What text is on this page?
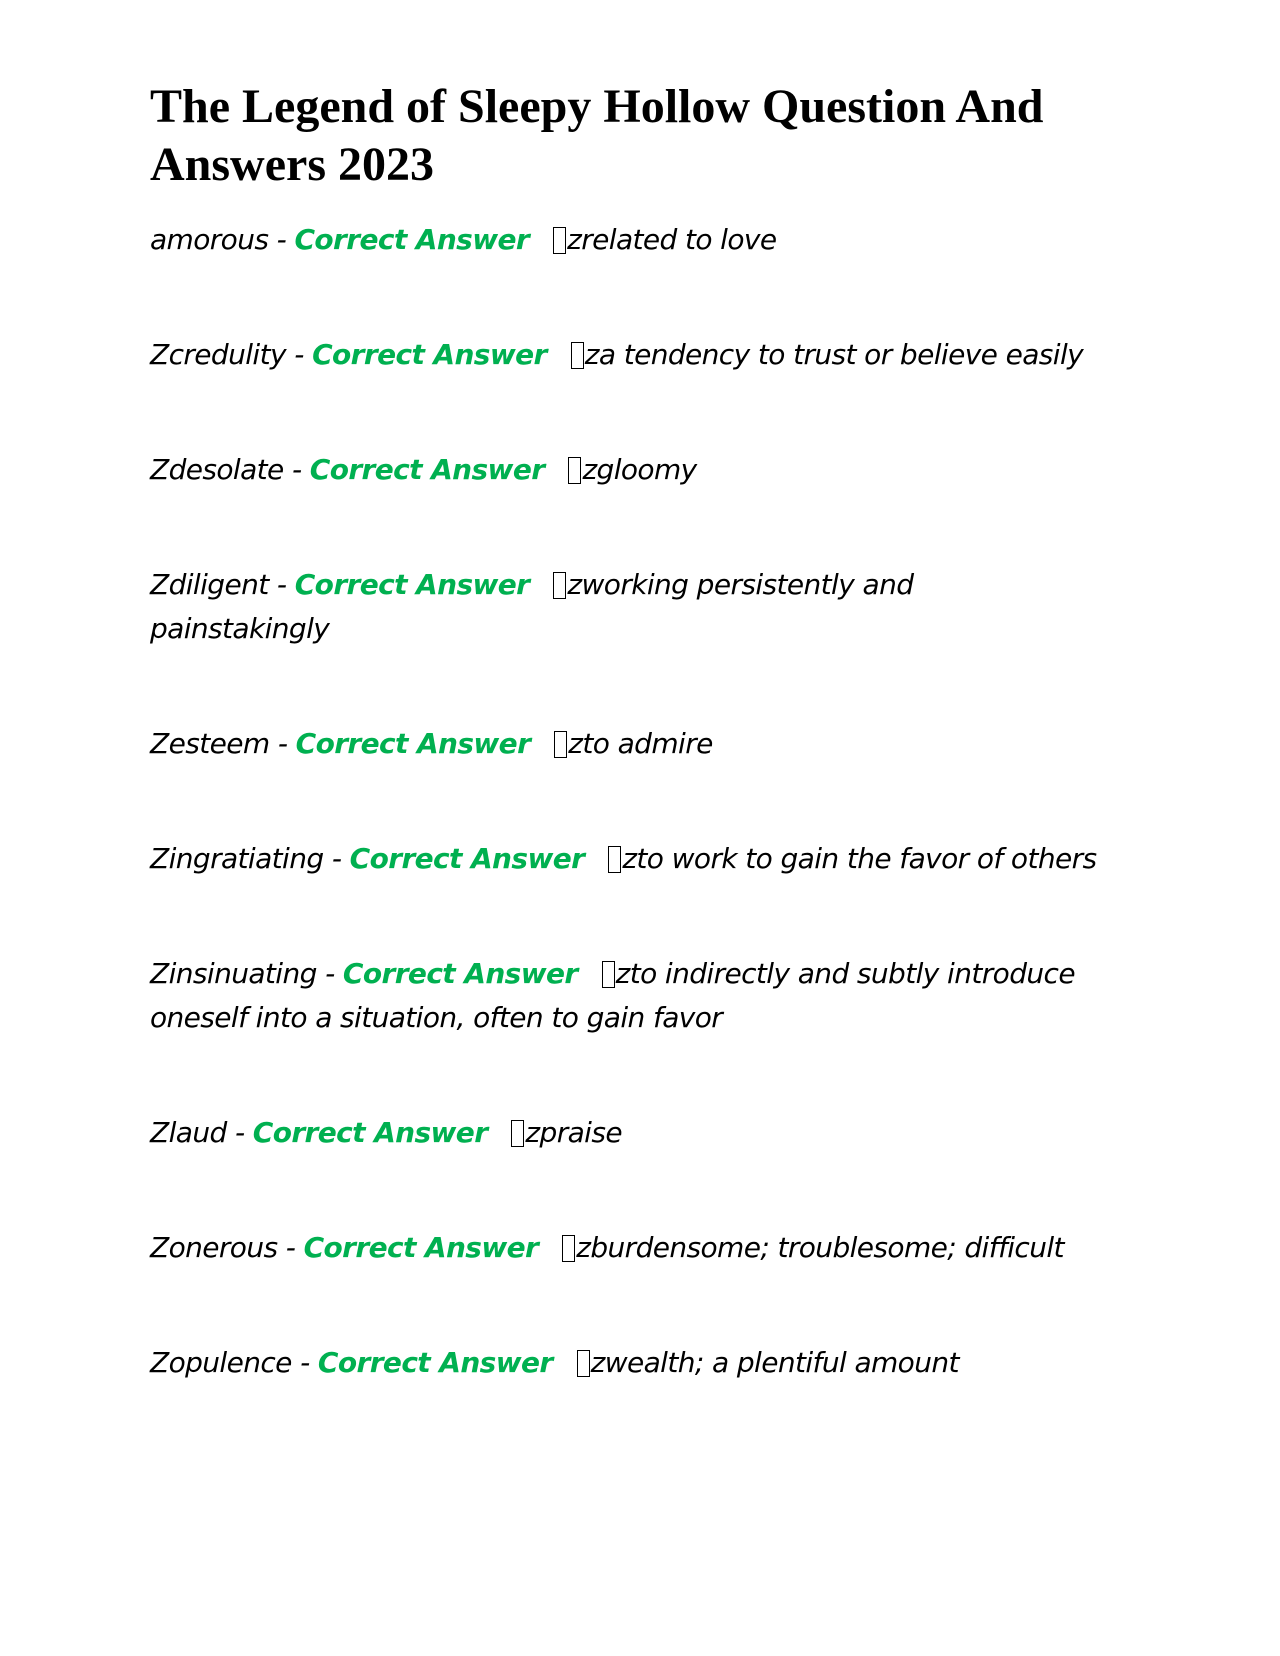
The Legend of Sleepy Hollow Question And Answers 2023
amorous - Correct Answer zrelated to love
Zcredulity - Correct Answer za tendency to trust or believe easily
Zdesolate - Correct Answer zgloomy
Zdiligent - Correct Answer zworking persistently and painstakingly
Zesteem - Correct Answer zto admire
Zingratiating - Correct Answer zto work to gain the favor of others
Zinsinuating - Correct Answer zto indirectly and subtly introduce oneself into a situation, often to gain favor
Zlaud - Correct Answer zpraise
Zonerous - Correct Answer zburdensome; troublesome; difficult
Zopulence - Correct Answer zwealth; a plentiful amount
